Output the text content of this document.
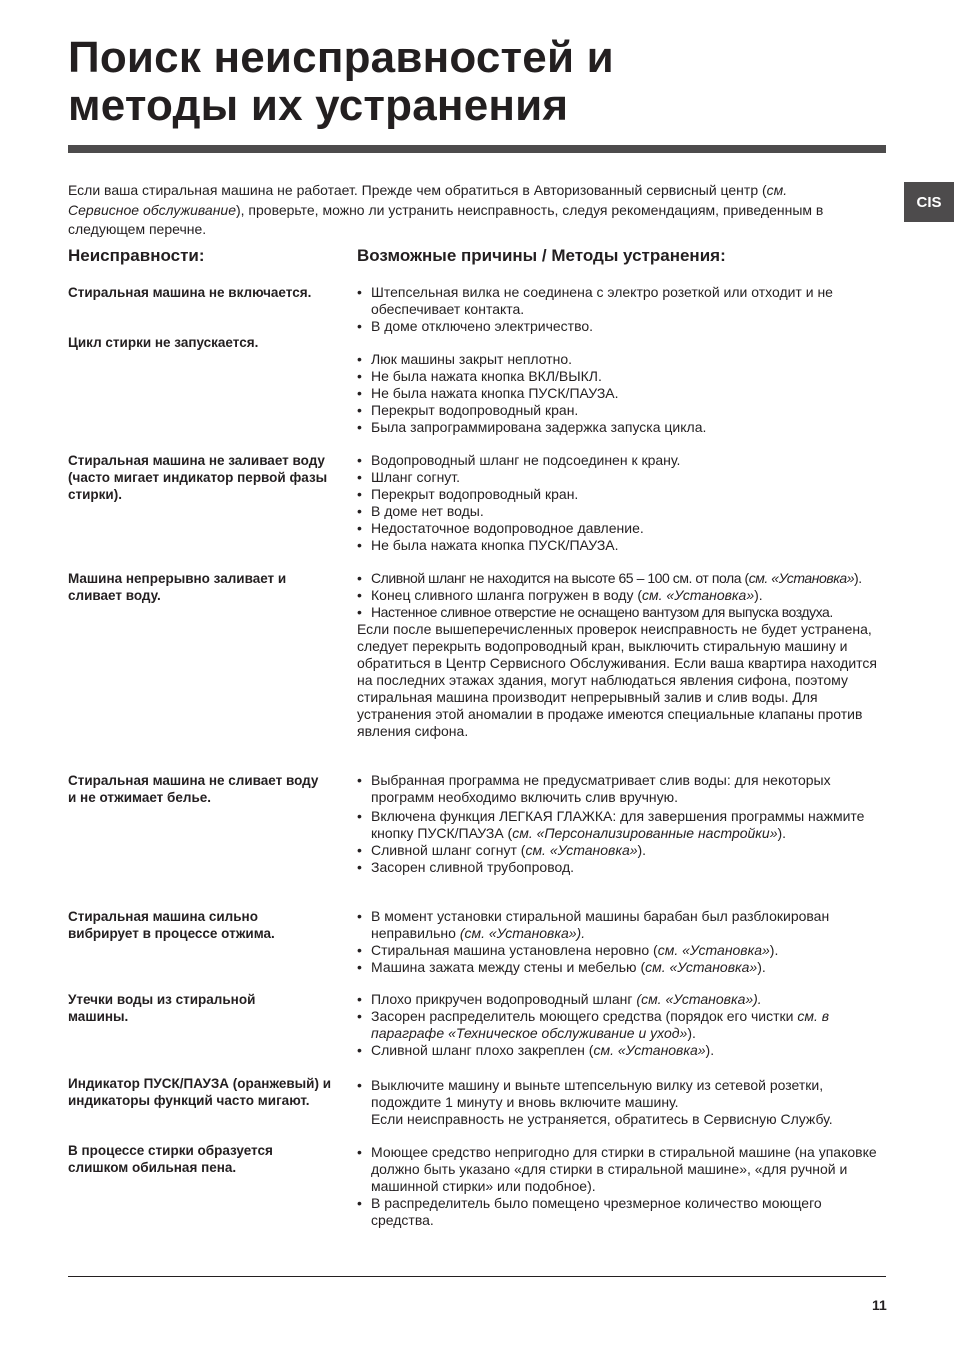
Поиск неисправностей и
методы их устранения
CIS

Если ваша стиральная машина не работает. Прежде чем обратиться в Авторизованный сервисный центр (см. Сервисное обслуживание), проверьте, можно ли устранить неисправность, следуя рекомендациям, приведенным в следующем перечне.

Неисправности:	Возможные причины / Методы устранения:
Стиральная машина не включается.	• Штепсельная вилка не соединена с электро розеткой или отходит и не обеспечивает контакта.
• В доме отключено электричество.
Цикл стирки не запускается.
• Люк машины закрыт неплотно.
• Не была нажата кнопка ВКЛ/ВЫКЛ.
• Не была нажата кнопка ПУСК/ПАУЗА.
• Перекрыт водопроводный кран.
• Была запрограммирована задержка запуска цикла.
Стиральная машина не заливает воду (часто мигает индикатор первой фазы стирки).
• Водопроводный шланг не подсоединен к крану.
• Шланг согнут.
• Перекрыт водопроводный кран.
• В доме нет воды.
• Недостаточное водопроводное давление.
• Не была нажата кнопка ПУСК/ПАУЗА.
Машина непрерывно заливает и сливает воду.
• Сливной шланг не находится на высоте 65 – 100 см. от пола (см. «Установка»).
• Конец сливного шланга погружен в воду (см. «Установка»).
• Настенное сливное отверстие не оснащено вантузом для выпуска воздуха.
Если после вышеперечисленных проверок неисправность не будет устранена, следует перекрыть водопроводный кран, выключить стиральную машину и обратиться в Центр Сервисного Обслуживания. Если ваша квартира находится на последних этажах здания, могут наблюдаться явления сифона, поэтому стиральная машина производит непрерывный залив и слив воды. Для устранения этой аномалии в продаже имеются специальные клапаны против явления сифона.
Стиральная машина не сливает воду и не отжимает белье.
• Выбранная программа не предусматривает слив воды: для некоторых программ необходимо включить слив вручную.
• Включена функция ЛЕГКАЯ ГЛАЖКА: для завершения программы нажмите кнопку ПУСК/ПАУЗА (см. «Персонализированные настройки»).
• Сливной шланг согнут (см. «Установка»).
• Засорен сливной трубопровод.
Стиральная машина сильно вибрирует в процессе отжима.
• В момент установки стиральной машины барабан был разблокирован неправильно (см. «Установка»).
• Стиральная машина установлена неровно (см. «Установка»).
• Машина зажата между стены и мебелью (см. «Установка»).
Утечки воды из стиральной машины.
• Плохо прикручен водопроводный шланг (см. «Установка»).
• Засорен распределитель моющего средства (порядок его чистки см. в параграфе «Техническое обслуживание и уход»).
• Сливной шланг плохо закреплен (см. «Установка»).
Индикатор ПУСК/ПАУЗА (оранжевый) и индикаторы функций часто мигают.
• Выключите машину и выньте штепсельную вилку из сетевой розетки, подождите 1 минуту и вновь включите машину.
Если неисправность не устраняется, обратитесь в Сервисную Службу.
В процессе стирки образуется слишком обильная пена.
• Моющее средство непригодно для стирки в стиральной машине (на упаковке должно быть указано «для стирки в стиральной машине», «для ручной и машинной стирки» или подобное).
• В распределитель было помещено чрезмерное количество моющего средства.
11
